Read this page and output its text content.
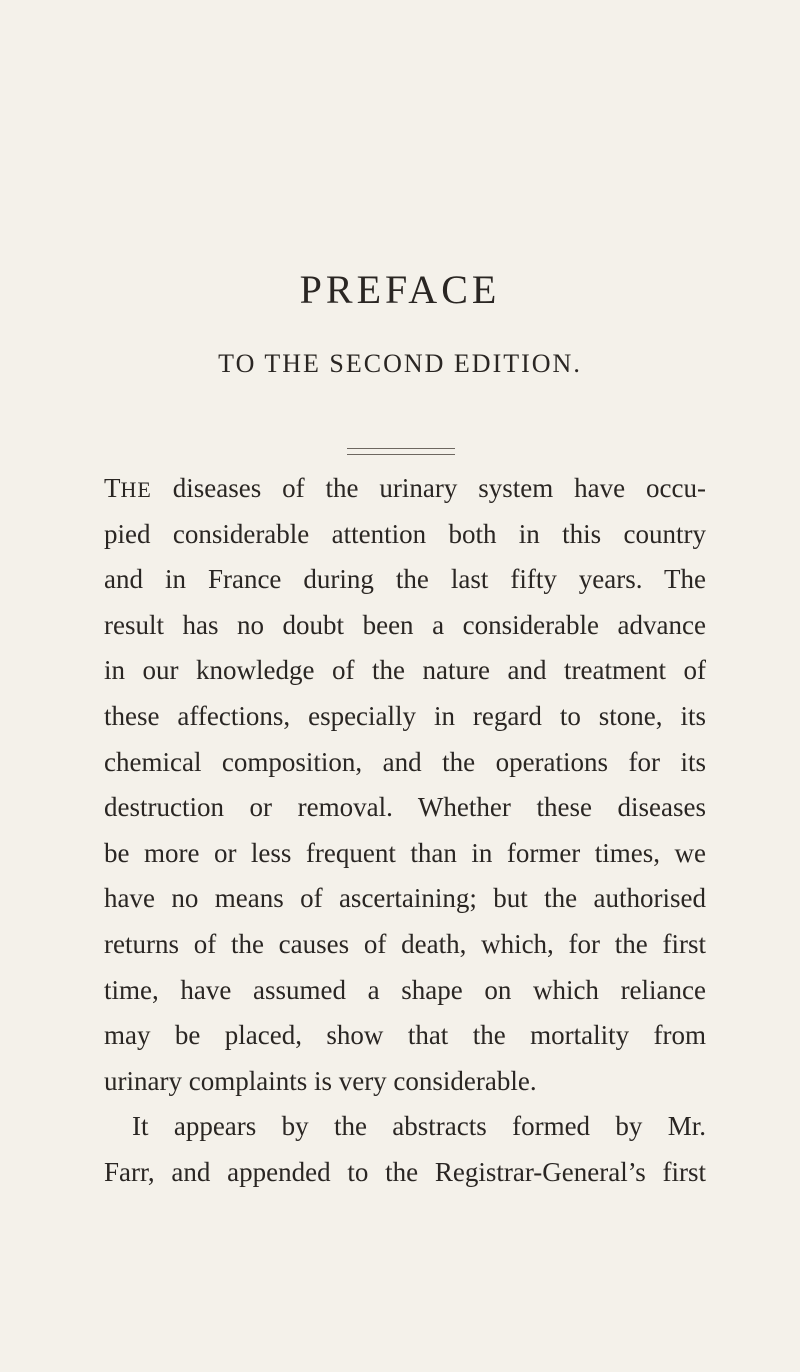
PREFACE
TO THE SECOND EDITION.
THE diseases of the urinary system have occu-
pied considerable attention both in this country
and in France during the last fifty years. The
result has no doubt been a considerable advance
in our knowledge of the nature and treatment of
these affections, especially in regard to stone, its
chemical composition, and the operations for its
destruction or removal. Whether these diseases
be more or less frequent than in former times, we
have no means of ascertaining; but the authorised
returns of the causes of death, which, for the first
time, have assumed a shape on which reliance
may be placed, show that the mortality from
urinary complaints is very considerable.
It appears by the abstracts formed by Mr.
Farr, and appended to the Registrar-General’s first
